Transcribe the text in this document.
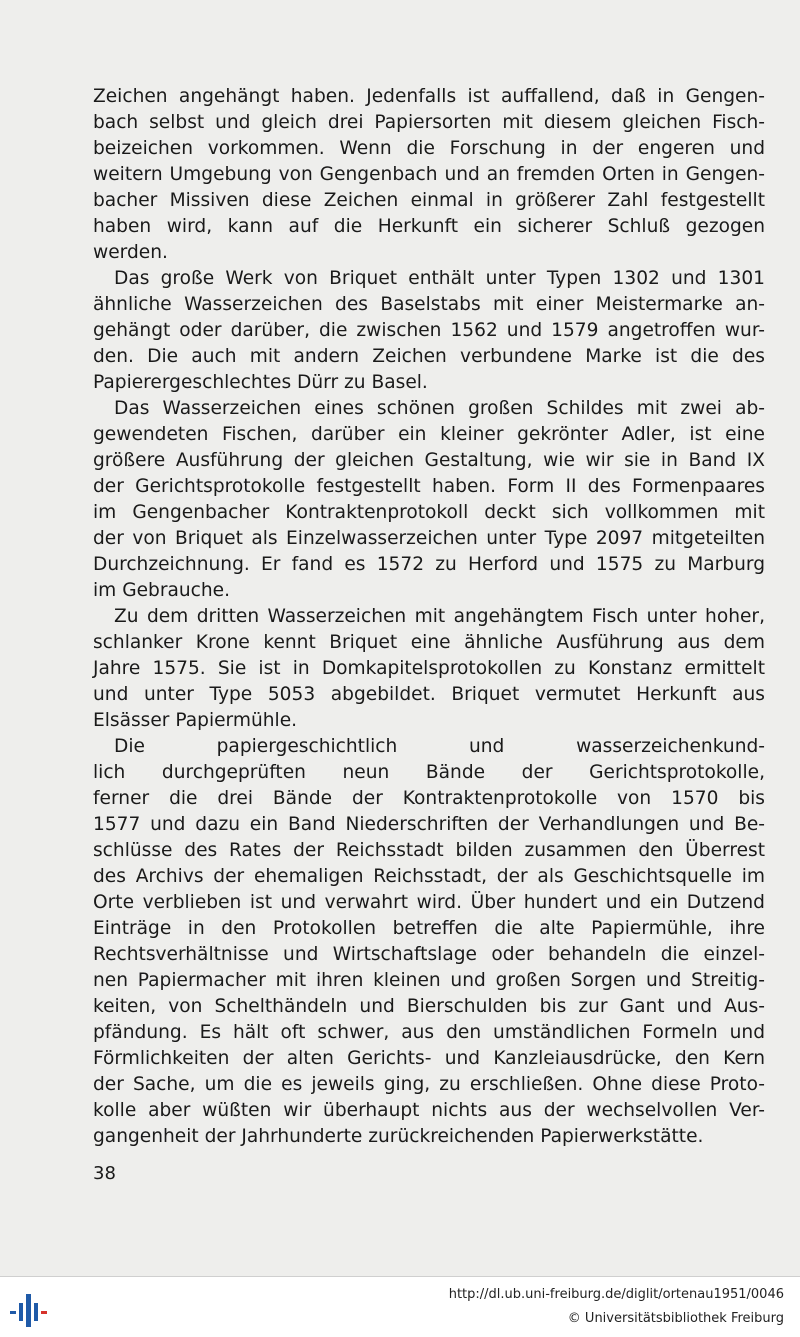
Zeichen angehängt haben. Jedenfalls ist auffallend, daß in Gengen-
bach selbst und gleich drei Papiersorten mit diesem gleichen Fisch-
beizeichen vorkommen. Wenn die Forschung in der engeren und
weitern Umgebung von Gengenbach und an fremden Orten in Gengen-
bacher Missiven diese Zeichen einmal in größerer Zahl festgestellt
haben wird, kann auf die Herkunft ein sicherer Schluß gezogen
werden.
Das große Werk von Briquet enthält unter Typen 1302 und 1301
ähnliche Wasserzeichen des Baselstabs mit einer Meistermarke an-
gehängt oder darüber, die zwischen 1562 und 1579 angetroffen wur-
den. Die auch mit andern Zeichen verbundene Marke ist die des
Papierergeschlechtes Dürr zu Basel.
Das Wasserzeichen eines schönen großen Schildes mit zwei ab-
gewendeten Fischen, darüber ein kleiner gekrönter Adler, ist eine
größere Ausführung der gleichen Gestaltung, wie wir sie in Band IX
der Gerichtsprotokolle festgestellt haben. Form II des Formenpaares
im Gengenbacher Kontraktenprotokoll deckt sich vollkommen mit
der von Briquet als Einzelwasserzeichen unter Type 2097 mitgeteilten
Durchzeichnung. Er fand es 1572 zu Herford und 1575 zu Marburg
im Gebrauche.
Zu dem dritten Wasserzeichen mit angehängtem Fisch unter hoher,
schlanker Krone kennt Briquet eine ähnliche Ausführung aus dem
Jahre 1575. Sie ist in Domkapitelsprotokollen zu Konstanz ermittelt
und unter Type 5053 abgebildet. Briquet vermutet Herkunft aus
Elsässer Papiermühle.
Die papiergeschichtlich und wasserzeichenkund-
lich durchgeprüften neun Bände der Gerichtsprotokolle,
ferner die drei Bände der Kontraktenprotokolle von 1570 bis
1577 und dazu ein Band Niederschriften der Verhandlungen und Be-
schlüsse des Rates der Reichsstadt bilden zusammen den Überrest
des Archivs der ehemaligen Reichsstadt, der als Geschichtsquelle im
Orte verblieben ist und verwahrt wird. Über hundert und ein Dutzend
Einträge in den Protokollen betreffen die alte Papiermühle, ihre
Rechtsverhältnisse und Wirtschaftslage oder behandeln die einzel-
nen Papiermacher mit ihren kleinen und großen Sorgen und Streitig-
keiten, von Schelthändeln und Bierschulden bis zur Gant und Aus-
pfändung. Es hält oft schwer, aus den umständlichen Formeln und
Förmlichkeiten der alten Gerichts- und Kanzleiausdrücke, den Kern
der Sache, um die es jeweils ging, zu erschließen. Ohne diese Proto-
kolle aber wüßten wir überhaupt nichts aus der wechselvollen Ver-
gangenheit der Jahrhunderte zurückreichenden Papierwerkstätte.
38
http://dl.ub.uni-freiburg.de/diglit/ortenau1951/0046
© Universitätsbibliothek Freiburg
